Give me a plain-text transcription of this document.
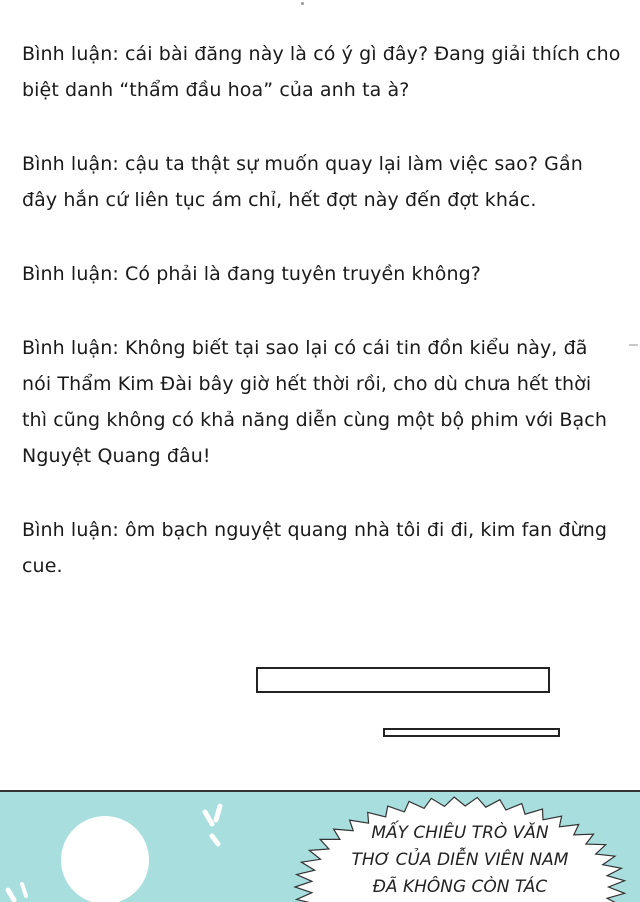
Bình luận: cái bài đăng này là có ý gì đây? Đang giải thích cho biệt danh “thẩm đầu hoa” của anh ta à?

Bình luận: cậu ta thật sự muốn quay lại làm việc sao? Gần đây hắn cứ liên tục ám chỉ, hết đợt này đến đợt khác.

Bình luận: Có phải là đang tuyên truyền không?

Bình luận: Không biết tại sao lại có cái tin đồn kiểu này, đã nói Thẩm Kim Đài bây giờ hết thời rồi, cho dù chưa hết thời thì cũng không có khả năng diễn cùng một bộ phim với Bạch Nguyệt Quang đâu!

Bình luận: ôm bạch nguyệt quang nhà tôi đi đi, kim fan đừng cue.

MẤY CHIÊU TRÒ VĂN
THƠ CỦA DIỄN VIÊN NAM
ĐÃ KHÔNG CÒN TÁC
